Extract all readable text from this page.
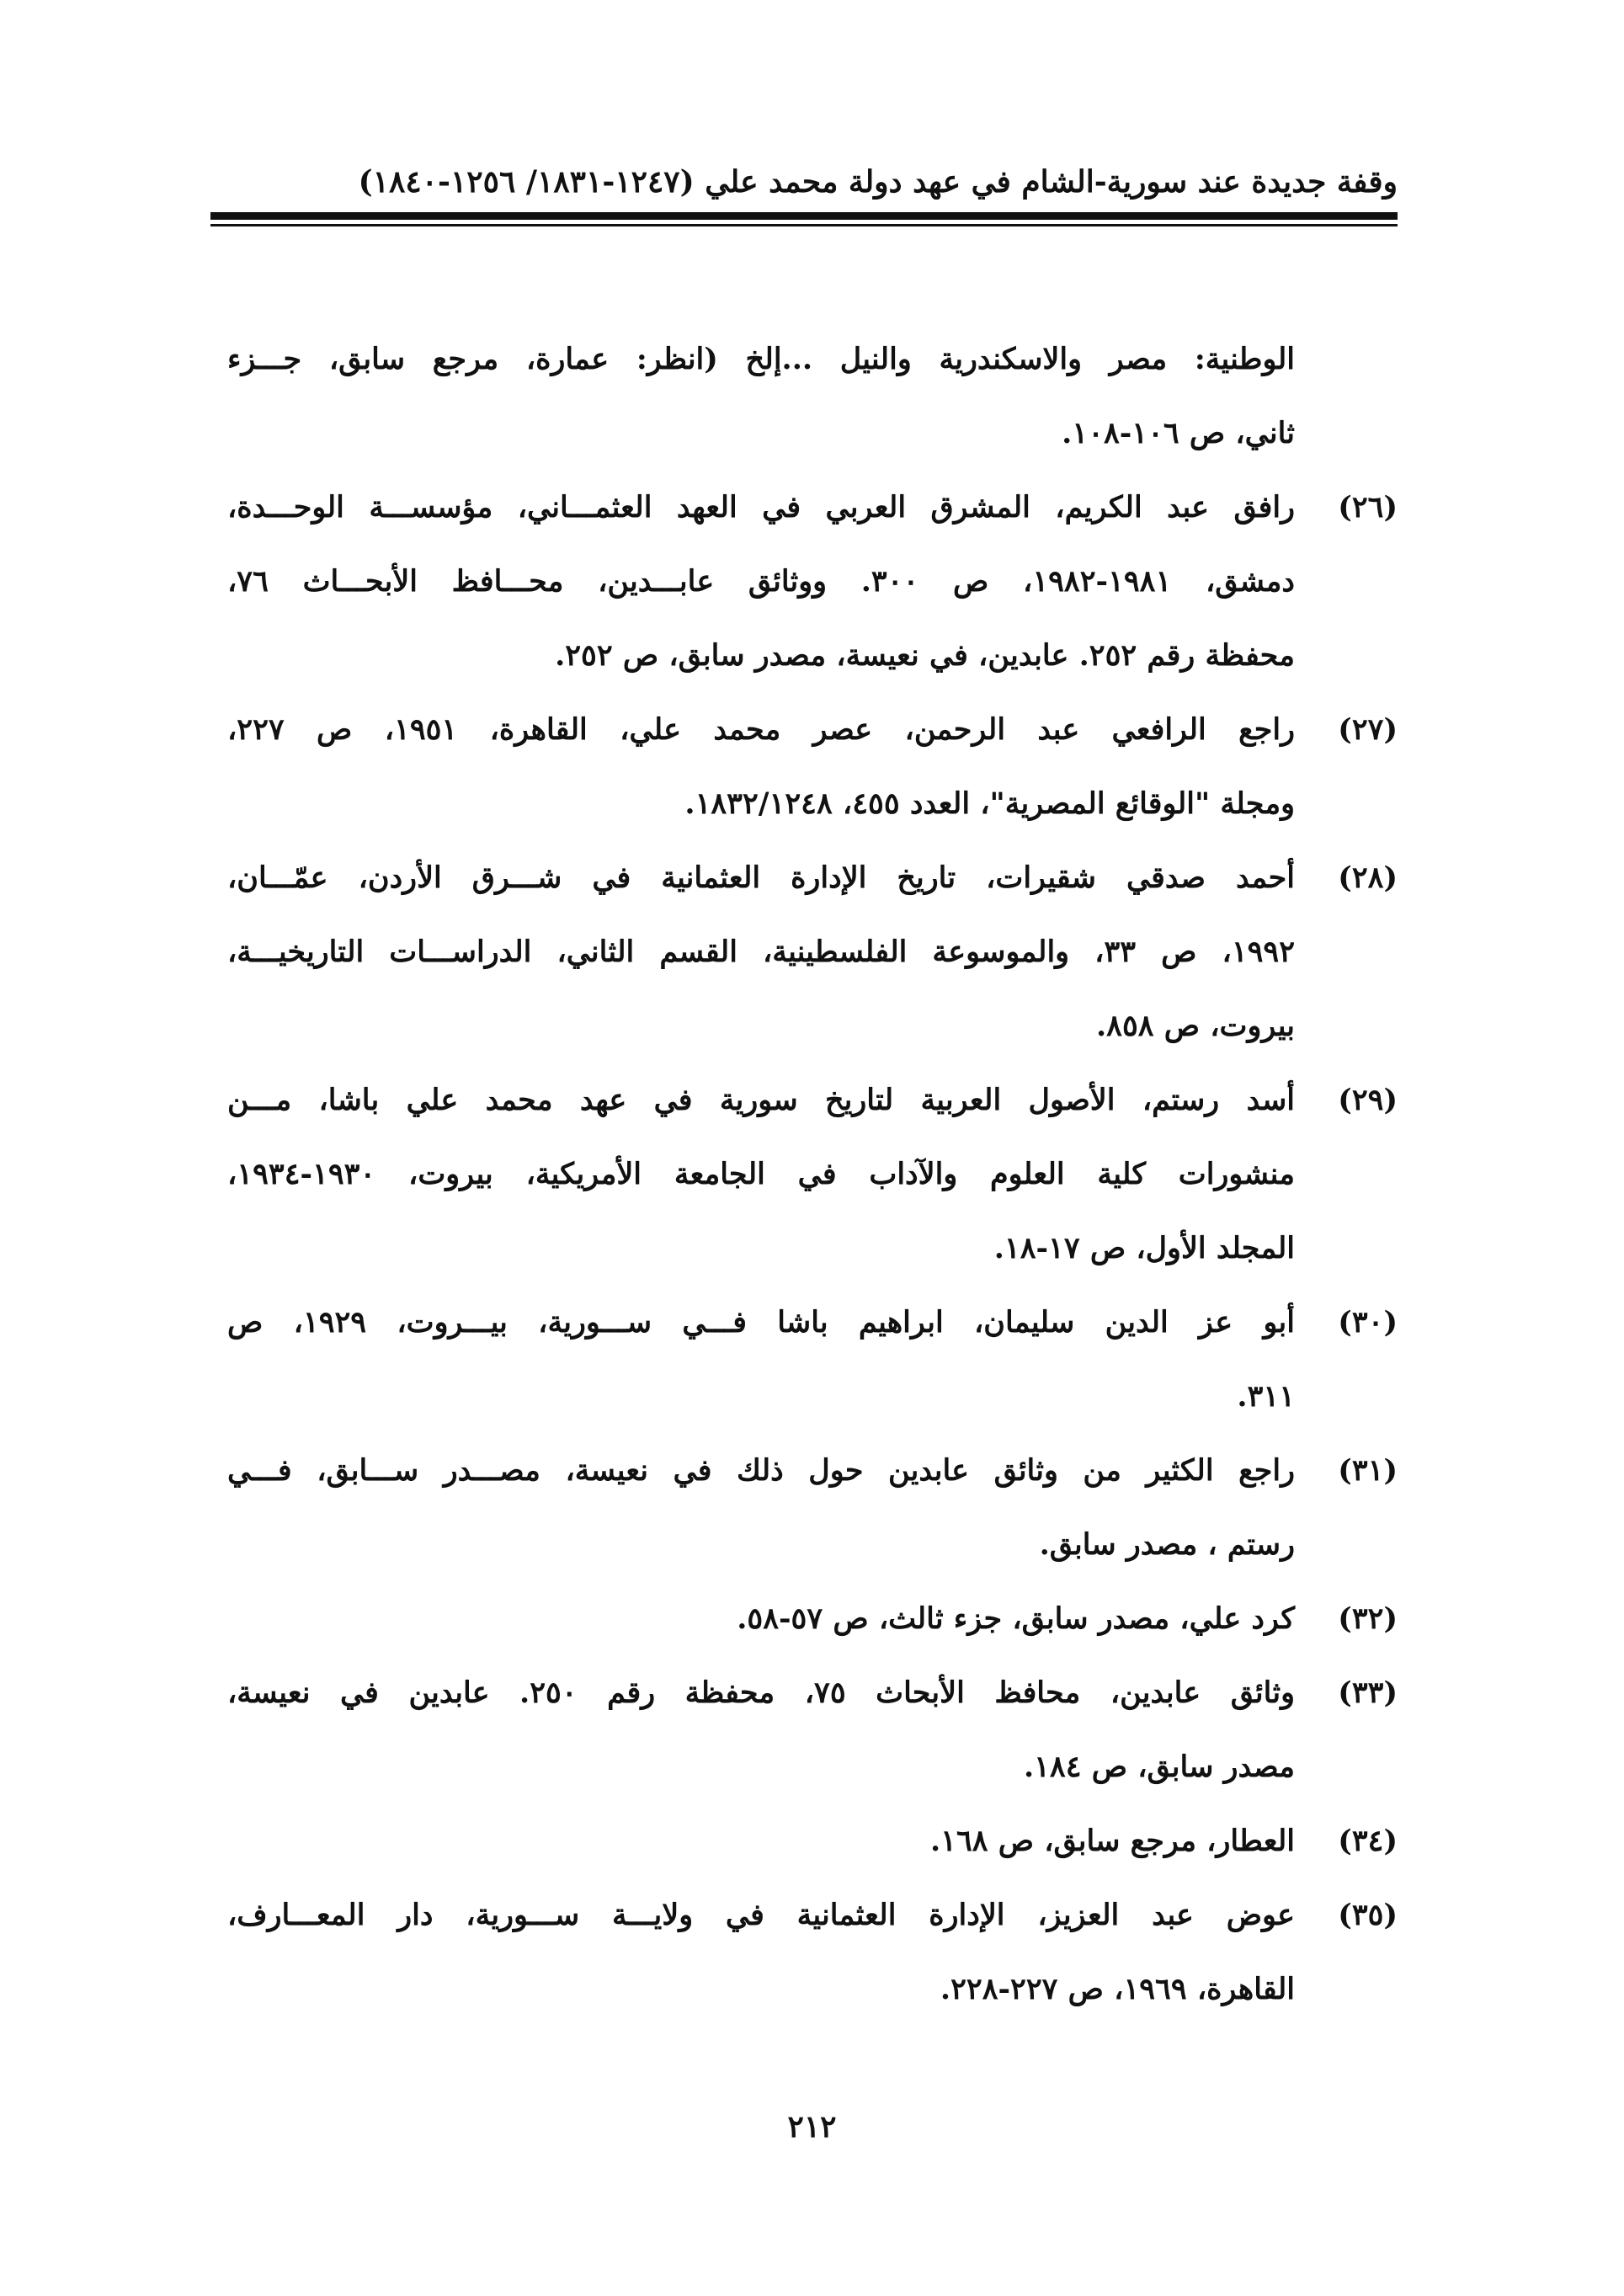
وقفة جديدة عند سورية-الشام في عهد دولة محمد علي (١٢٤٧-١٨٣١/ ١٢٥٦-١٨٤٠)
الوطنية: مصر والاسكندرية والنيل ...إلخ (انظر: عمارة، مرجع سابق، جـــزء
ثاني، ص ١٠٦-١٠٨.
(٢٦)
رافق عبد الكريم، المشرق العربي في العهد العثمـــاني، مؤسســـة الوحـــدة،
دمشق، ١٩٨١-١٩٨٢، ص ٣٠٠. ووثائق عابـــدين، محـــافظ الأبحـــاث ٧٦،
محفظة رقم ٢٥٢. عابدين، في نعيسة، مصدر سابق، ص ٢٥٢.
(٢٧)
راجع الرافعي عبد الرحمن، عصر محمد علي، القاهرة، ١٩٥١، ص ٢٢٧،
ومجلة "الوقائع المصرية"، العدد ٤٥٥، ١٨٣٢/١٢٤٨.
(٢٨)
أحمد صدقي شقيرات، تاريخ الإدارة العثمانية في شـــرق الأردن، عمّـــان،
١٩٩٢، ص ٣٣، والموسوعة الفلسطينية، القسم الثاني، الدراســـات التاريخيـــة،
بيروت، ص ٨٥٨.
(٢٩)
أسد رستم، الأصول العربية لتاريخ سورية في عهد محمد علي باشا، مـــن
منشورات كلية العلوم والآداب في الجامعة الأمريكية، بيروت، ١٩٣٠-١٩٣٤،
المجلد الأول، ص ١٧-١٨.
(٣٠)
أبو عز الدين سليمان، ابراهيم باشا فـــي ســـورية، بيـــروت، ١٩٢٩، ص
٣١١.
(٣١)
راجع الكثير من وثائق عابدين حول ذلك في نعيسة، مصـــدر ســـابق، فـــي
رستم ، مصدر سابق.
(٣٢)
كرد علي، مصدر سابق، جزء ثالث، ص ٥٧-٥٨.
(٣٣)
وثائق عابدين، محافظ الأبحاث ٧٥، محفظة رقم ٢٥٠. عابدين في نعيسة،
مصدر سابق، ص ١٨٤.
(٣٤)
العطار، مرجع سابق، ص ١٦٨.
(٣٥)
عوض عبد العزيز، الإدارة العثمانية في ولايـــة ســـورية، دار المعـــارف،
القاهرة، ١٩٦٩، ص ٢٢٧-٢٢٨.
٢١٢
